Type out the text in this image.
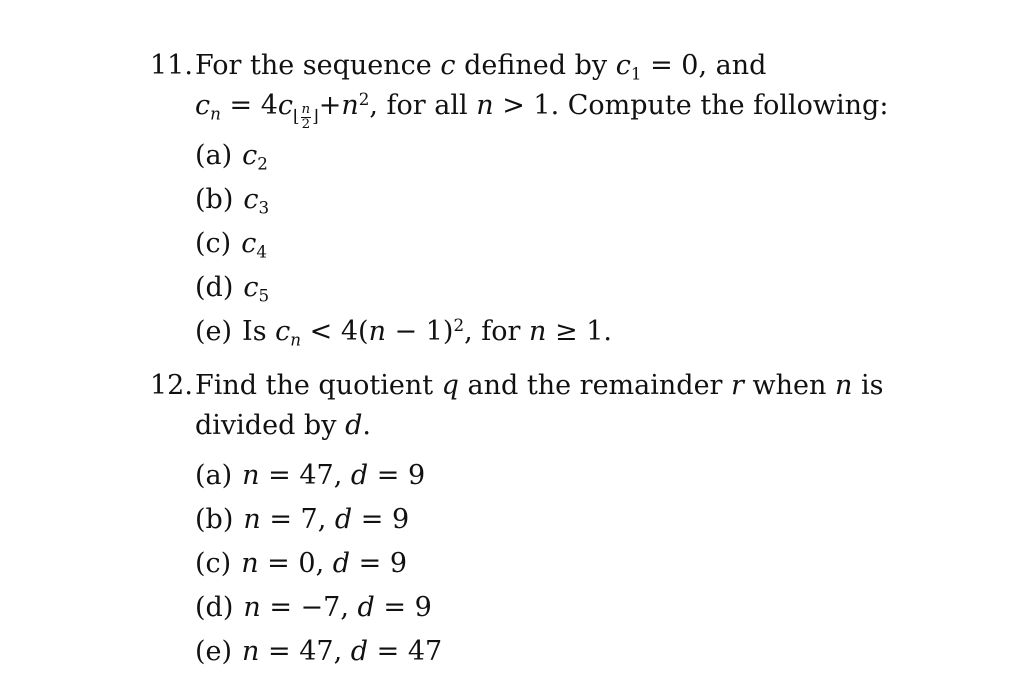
11.For the sequence c defined by $c_1 = 0$, and
$c_n$ = 4c⌊ $\frac{n}{2}$ $⌋+n^2$, for all n > 1. Compute the following:
(a) $c_2$
(b) $c_3$
(c) $c_4$
(d) $c_5$
(e) Is $c_n < 4(n - 1)^2$, for n ≥ 1.
12.Find the quotient q and the remainder r when n is
divided by d.
(a) n = 47, d = 9
(b) n = 7, d = 9
(c) n = 0, d = 9
(d) n = −7, d = 9
(e) n = 47, d = 47
